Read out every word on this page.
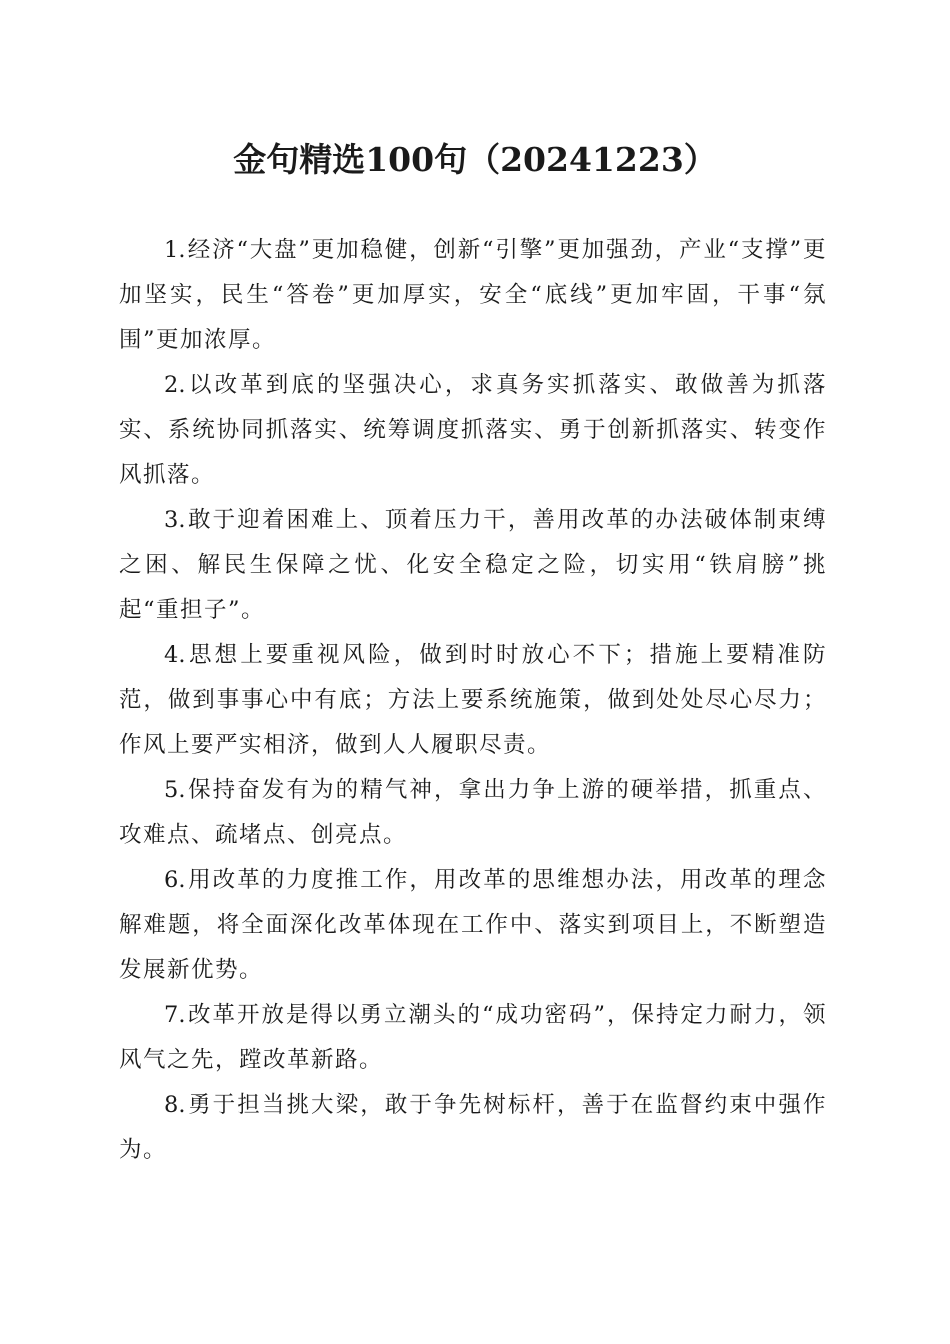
金句精选100句（20241223）

1.经济“大盘”更加稳健，创新“引擎”更加强劲，产业“支撑”更加坚实，民生“答卷”更加厚实，安全“底线”更加牢固，干事“氛围”更加浓厚。

2.以改革到底的坚强决心，求真务实抓落实、敢做善为抓落实、系统协同抓落实、统筹调度抓落实、勇于创新抓落实、转变作风抓落。

3.敢于迎着困难上、顶着压力干，善用改革的办法破体制束缚之困、解民生保障之忧、化安全稳定之险，切实用“铁肩膀”挑起“重担子”。

4.思想上要重视风险，做到时时放心不下；措施上要精准防范，做到事事心中有底；方法上要系统施策，做到处处尽心尽力；作风上要严实相济，做到人人履职尽责。

5.保持奋发有为的精气神，拿出力争上游的硬举措，抓重点、攻难点、疏堵点、创亮点。

6.用改革的力度推工作，用改革的思维想办法，用改革的理念解难题，将全面深化改革体现在工作中、落实到项目上，不断塑造发展新优势。

7.改革开放是得以勇立潮头的“成功密码”，保持定力耐力，领风气之先，蹚改革新路。

8.勇于担当挑大梁，敢于争先树标杆，善于在监督约束中强作为。
